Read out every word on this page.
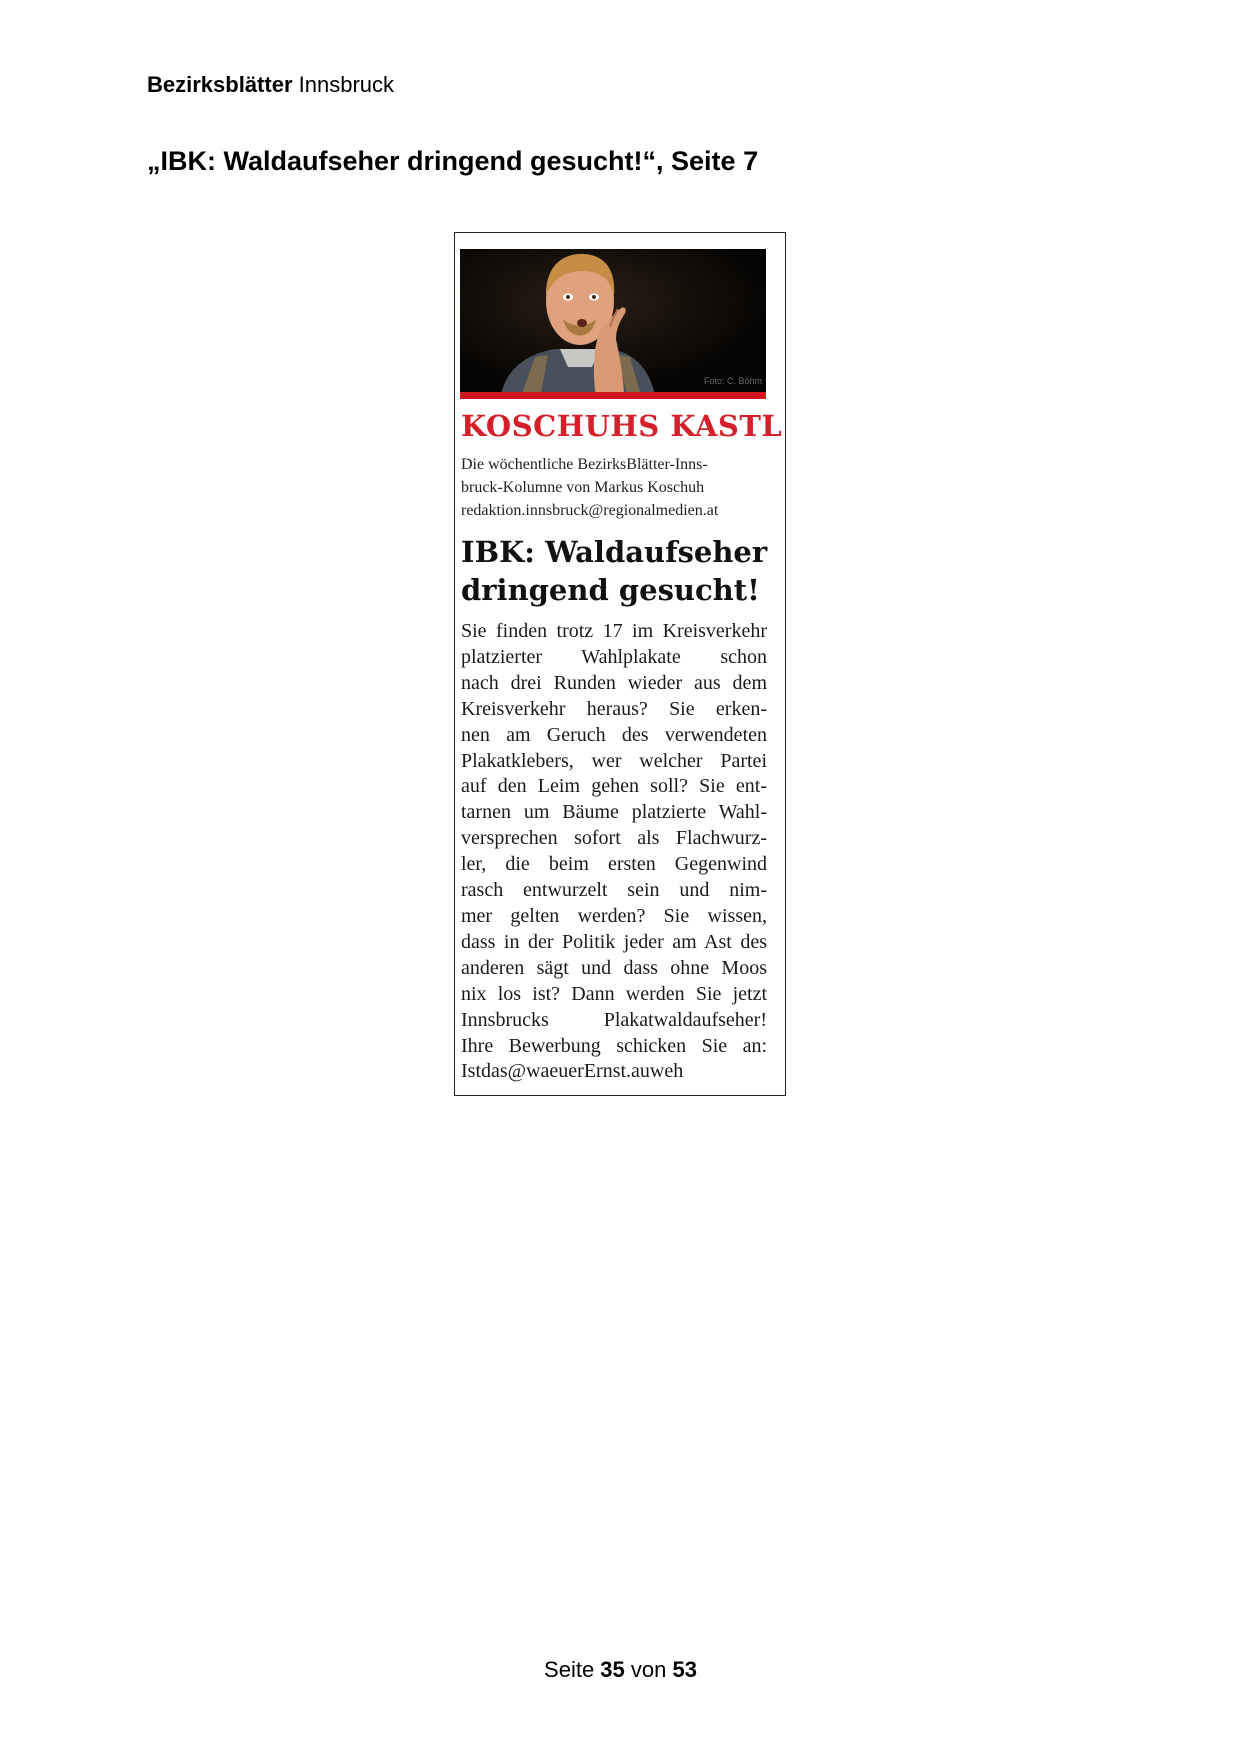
Bezirksblätter Innsbruck
„IBK: Waldaufseher dringend gesucht!“, Seite 7
Foto: C. Böhm
KOSCHUHS KASTL
Die wöchentliche BezirksBlätter-Inns-
bruck-Kolumne von Markus Koschuh
redaktion.innsbruck@regionalmedien.at
IBK: Waldaufseher
dringend gesucht!
Sie finden trotz 17 im Kreisverkehr
platzierter Wahlplakate schon
nach drei Runden wieder aus dem
Kreisverkehr heraus? Sie erken-
nen am Geruch des verwendeten
Plakatklebers, wer welcher Partei
auf den Leim gehen soll? Sie ent-
tarnen um Bäume platzierte Wahl-
versprechen sofort als Flachwurz-
ler, die beim ersten Gegenwind
rasch entwurzelt sein und nim-
mer gelten werden? Sie wissen,
dass in der Politik jeder am Ast des
anderen sägt und dass ohne Moos
nix los ist? Dann werden Sie jetzt
Innsbrucks Plakatwaldaufseher!
Ihre Bewerbung schicken Sie an:
Istdas@waeuerErnst.auweh
Seite 35 von 53
